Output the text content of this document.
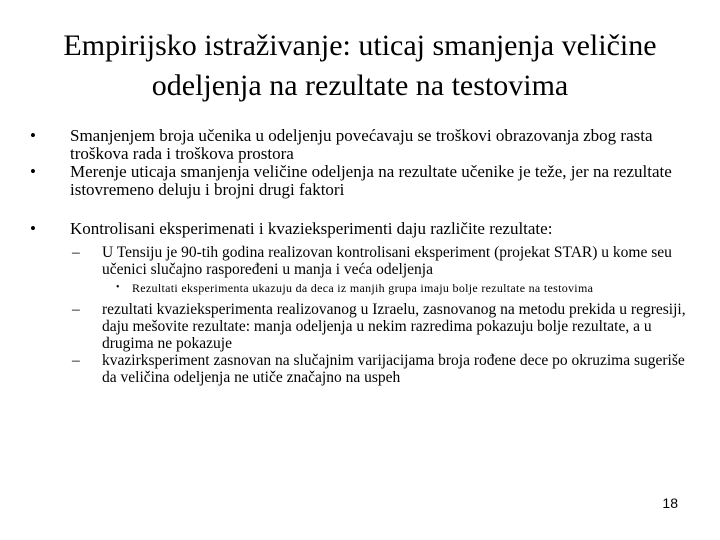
Empirijsko istraživanje: uticaj smanjenja veličine
odeljenja na rezultate na testovima
• Smanjenjem broja učenika u odeljenju povećavaju se troškovi obrazovanja zbog rasta troškova rada i troškova prostora
• Merenje uticaja smanjenja veličine odeljenja na rezultate učenike je teže, jer na rezultate istovremeno deluju i brojni drugi faktori
• Kontrolisani eksperimenati i kvazieksperimenti daju različite rezultate:
– U Tensiju je 90-tih godina realizovan kontrolisani eksperiment (projekat STAR) u kome seu učenici slučajno raspoređeni u manja i veća odeljenja
• Rezultati eksperimenta ukazuju da deca iz manjih grupa imaju bolje rezultate na testovima
– rezultati kvazieksperimenta realizovanog u Izraelu, zasnovanog na metodu prekida u regresiji, daju mešovite rezultate: manja odeljenja u nekim razredima pokazuju bolje rezultate, a u drugima ne pokazuje
– kvazirksperiment zasnovan na slučajnim varijacijama broja rođene dece po okruzima sugeriše da veličina odeljenja ne utiče značajno na uspeh
18
